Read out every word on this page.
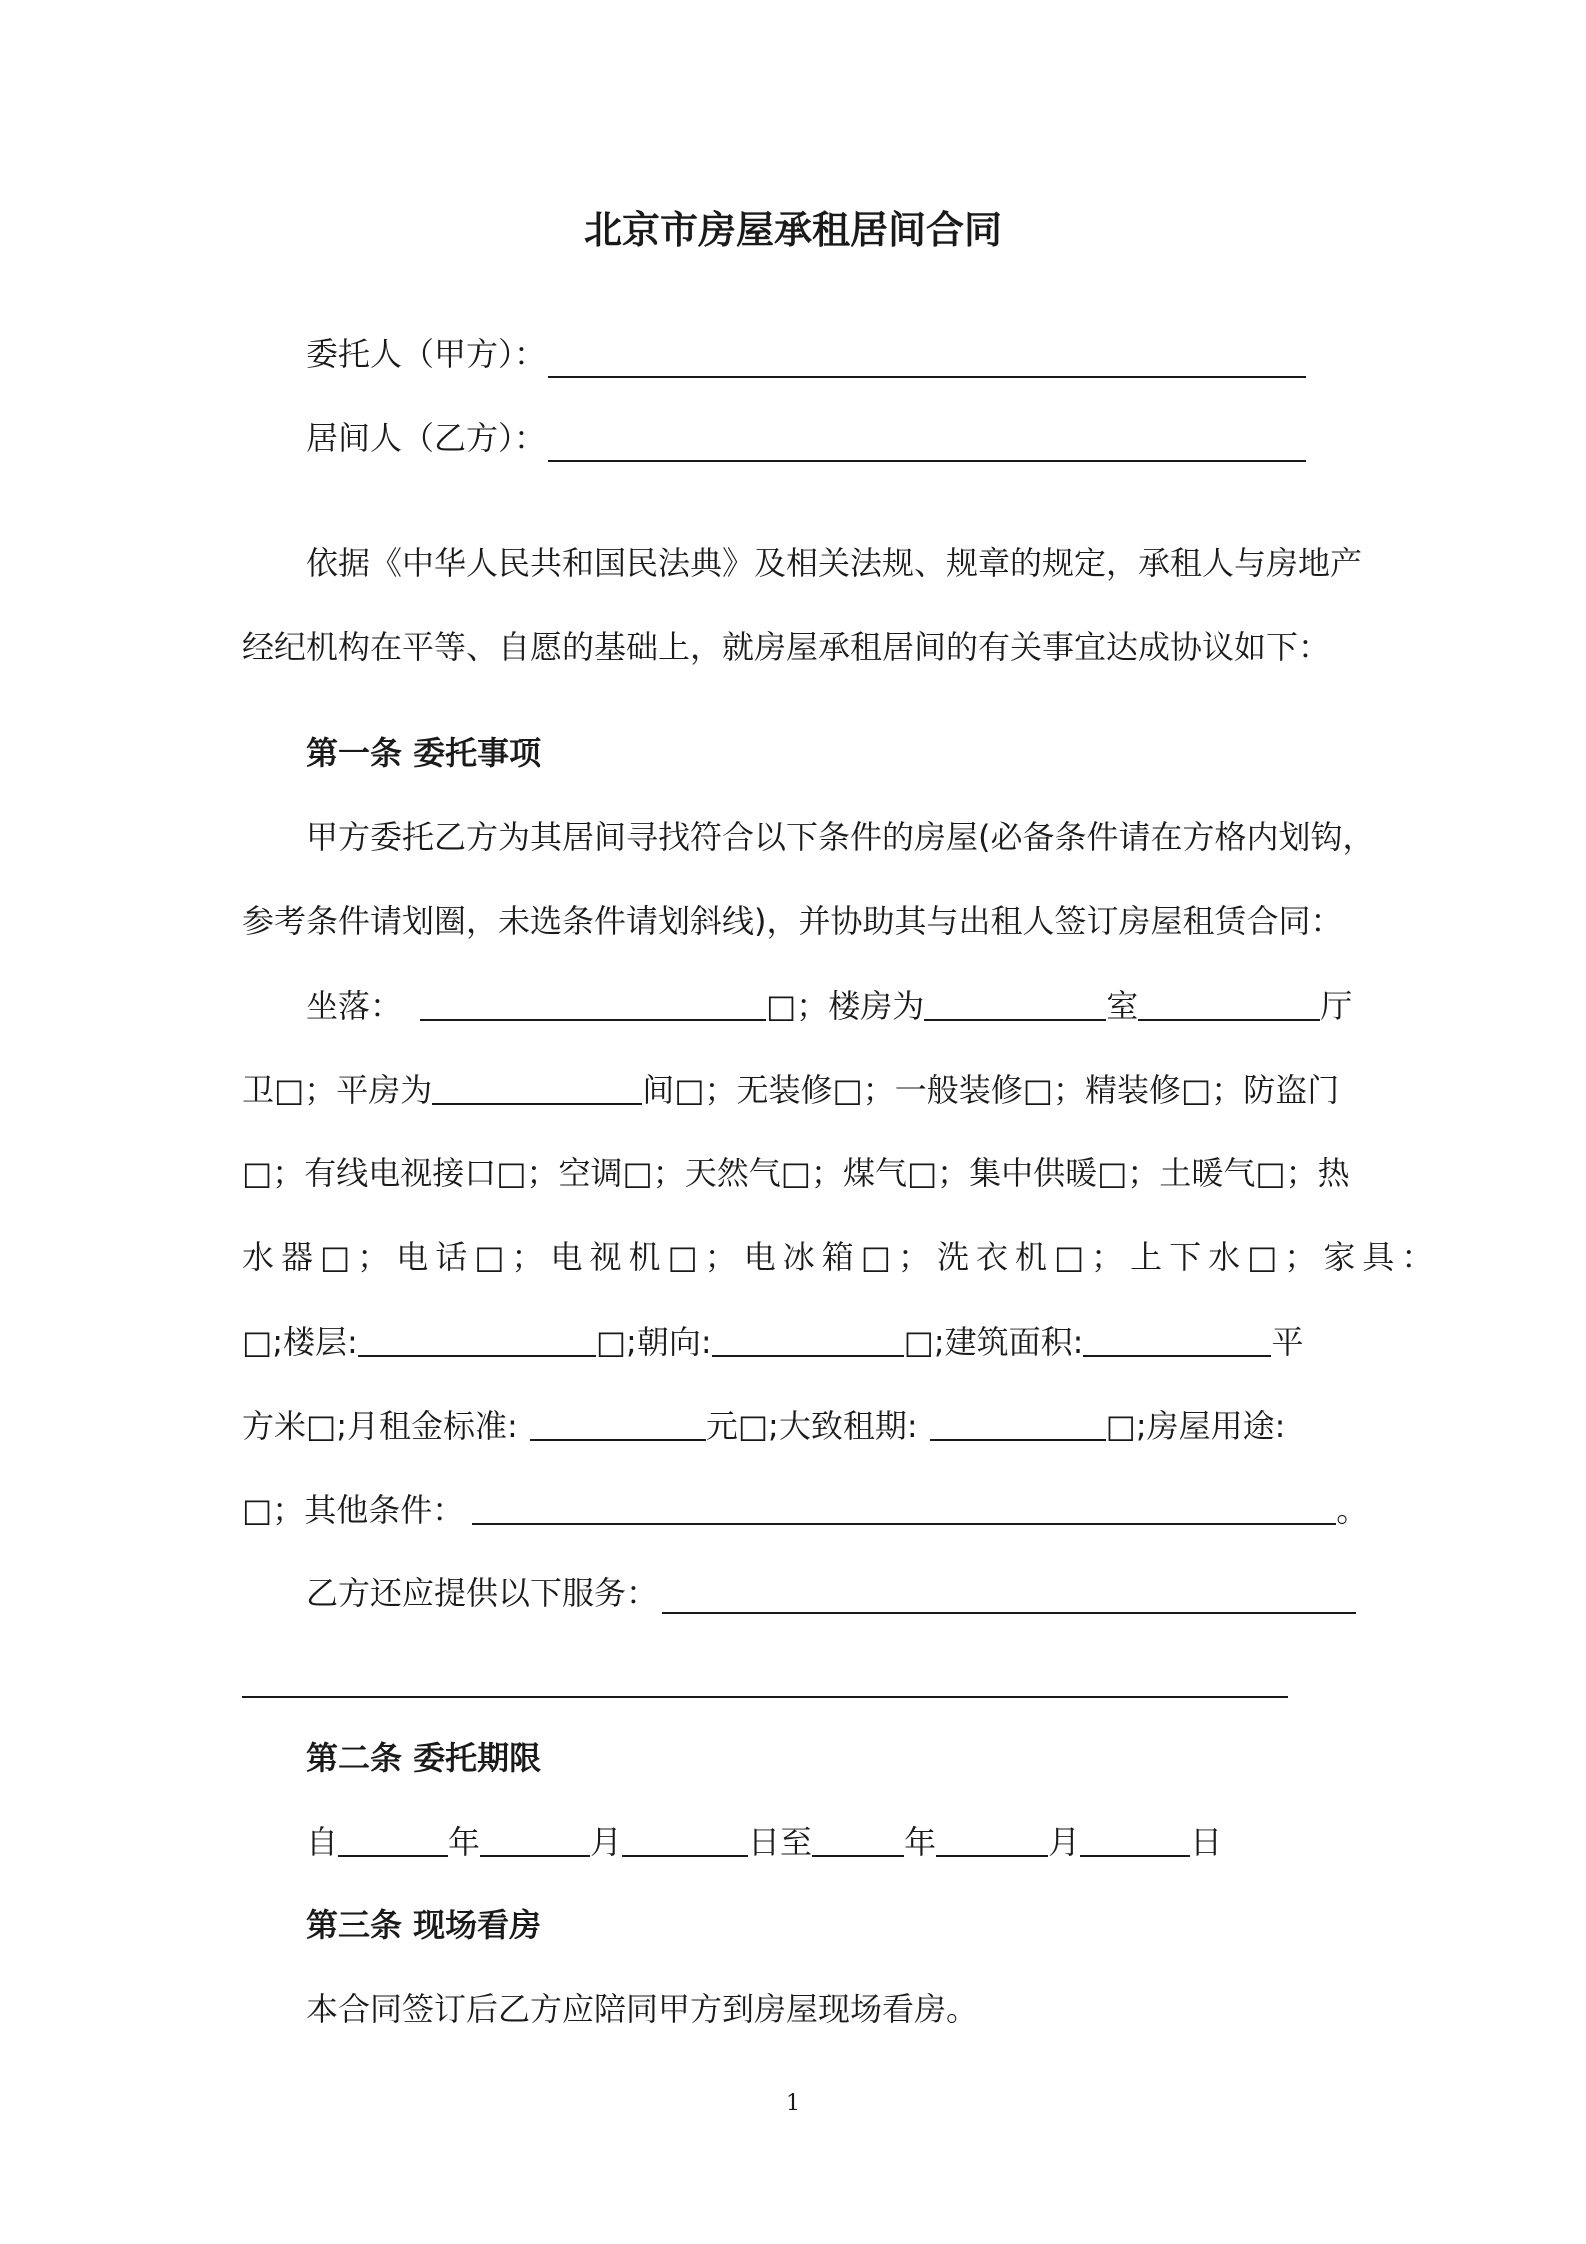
北京市房屋承租居间合同
委托人（甲方）：
居间人（乙方）：
依据《中华人民共和国民法典》及相关法规、规章的规定，承租人与房地产
经纪机构在平等、自愿的基础上，就房屋承租居间的有关事宜达成协议如下：
第一条 委托事项
甲方委托乙方为其居间寻找符合以下条件的房屋(必备条件请在方格内划钩，
参考条件请划圈，未选条件请划斜线)，并协助其与出租人签订房屋租赁合同：
坐落：	□；楼房为	室	厅
卫□；平房为	间□；无装修□；一般装修□；精装修□；防盗门
□；有线电视接口□；空调□；天然气□；煤气□；集中供暖□；土暖气□；热
水器□；电话□；电视机□；电冰箱□；洗衣机□；上下水□；家具：
□;楼层:	□;朝向:	□;建筑面积:	平
方米□;月租金标准:	元□;大致租期:	□;房屋用途:
□；其他条件：	。
乙方还应提供以下服务：
第二条 委托期限
自	年	月	日至	年	月	日
第三条 现场看房
本合同签订后乙方应陪同甲方到房屋现场看房。
1
